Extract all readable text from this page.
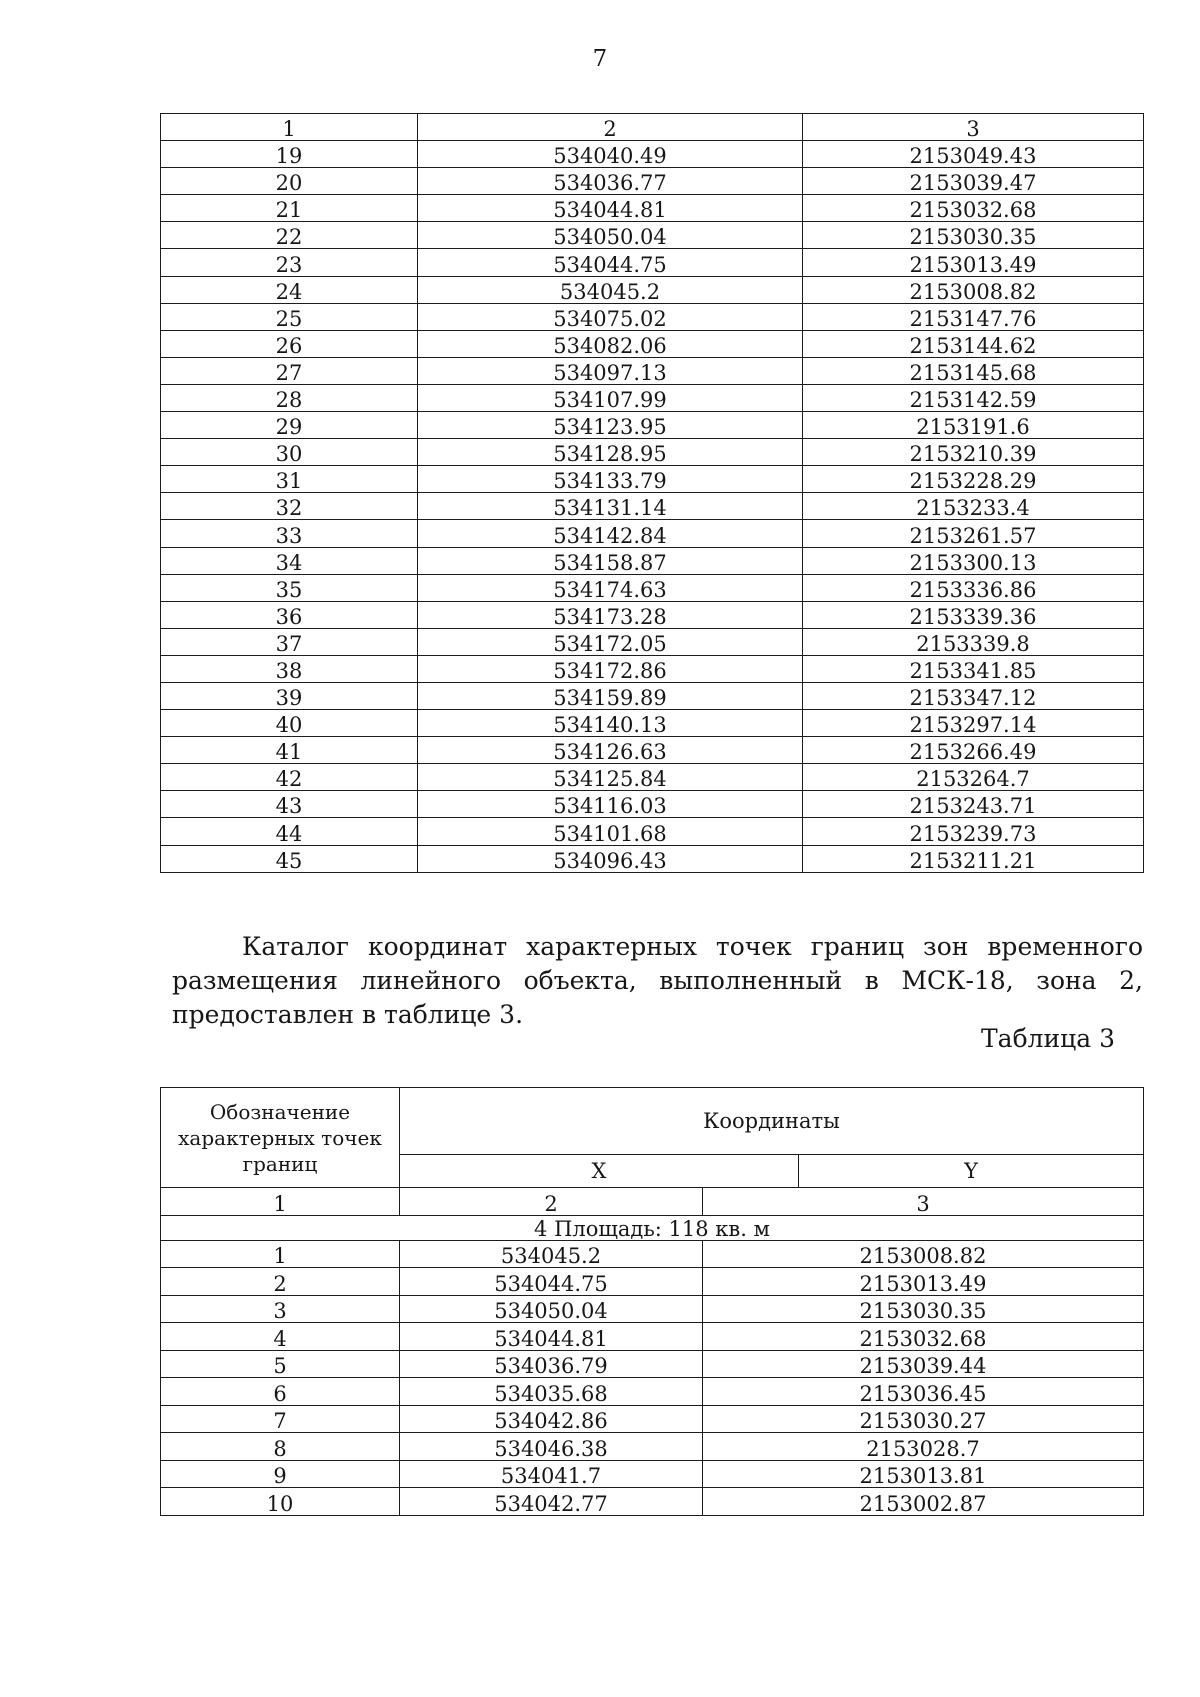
7
1	2	3
19	534040.49	2153049.43
20	534036.77	2153039.47
21	534044.81	2153032.68
22	534050.04	2153030.35
23	534044.75	2153013.49
24	534045.2	2153008.82
25	534075.02	2153147.76
26	534082.06	2153144.62
27	534097.13	2153145.68
28	534107.99	2153142.59
29	534123.95	2153191.6
30	534128.95	2153210.39
31	534133.79	2153228.29
32	534131.14	2153233.4
33	534142.84	2153261.57
34	534158.87	2153300.13
35	534174.63	2153336.86
36	534173.28	2153339.36
37	534172.05	2153339.8
38	534172.86	2153341.85
39	534159.89	2153347.12
40	534140.13	2153297.14
41	534126.63	2153266.49
42	534125.84	2153264.7
43	534116.03	2153243.71
44	534101.68	2153239.73
45	534096.43	2153211.21

Каталог координат характерных точек границ зон временного размещения линейного объекта, выполненный в МСК-18, зона 2, предоставлен в таблице 3.

Таблица 3
Обозначение характерных точек границ	Координаты		
	X		Y
1	2	3	
4 Площадь: 118 кв. м			
1	534045.2	2153008.82	
2	534044.75	2153013.49	
3	534050.04	2153030.35	
4	534044.81	2153032.68	
5	534036.79	2153039.44	
6	534035.68	2153036.45	
7	534042.86	2153030.27	
8	534046.38	2153028.7	
9	534041.7	2153013.81	
10	534042.77	2153002.87	
